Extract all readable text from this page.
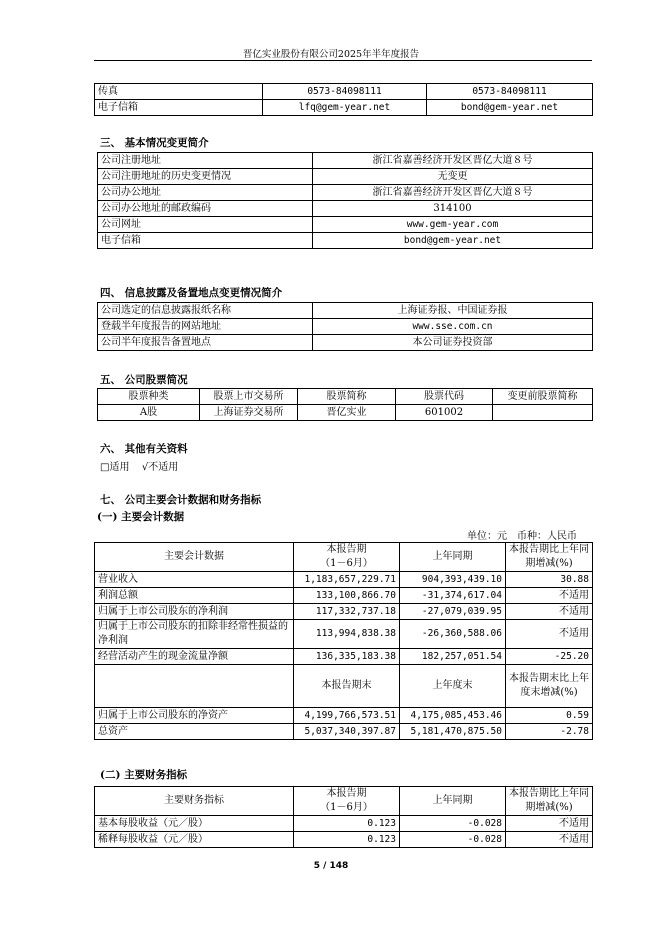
晋亿实业股份有限公司2025年半年度报告
传真	0573-84098111	0573-84098111
电子信箱	lfq@gem-year.net	bond@gem-year.net
三、 基本情况变更简介
公司注册地址	浙江省嘉善经济开发区晋亿大道８号
公司注册地址的历史变更情况	无变更
公司办公地址	浙江省嘉善经济开发区晋亿大道８号
公司办公地址的邮政编码	314100
公司网址	www.gem-year.com
电子信箱	bond@gem-year.net
四、 信息披露及备置地点变更情况简介
公司选定的信息披露报纸名称	上海证券报、中国证券报
登载半年度报告的网站地址	www.sse.com.cn
公司半年度报告备置地点	本公司证券投资部
五、 公司股票简况
股票种类	股票上市交易所	股票简称	股票代码	变更前股票简称
A股	上海证券交易所	晋亿实业	601002	
六、 其他有关资料
□适用 √不适用
七、 公司主要会计数据和财务指标
(一) 主要会计数据
单位：元　币种：人民币
主要会计数据	本报告期
（1－6月）	上年同期	本报告期比上年同期增减(%)
营业收入	1,183,657,229.71	904,393,439.10	30.88
利润总额	133,100,866.70	-31,374,617.04	不适用
归属于上市公司股东的净利润	117,332,737.18	-27,079,039.95	不适用
归属于上市公司股东的扣除非经常性损益的净利润	113,994,838.38	-26,360,588.06	不适用
经营活动产生的现金流量净额	136,335,183.38	182,257,051.54	-25.20
	本报告期末	上年度末	本报告期末比上年度末增减(%)
归属于上市公司股东的净资产	4,199,766,573.51	4,175,085,453.46	0.59
总资产	5,037,340,397.87	5,181,470,875.50	-2.78
(二) 主要财务指标
主要财务指标	本报告期
（1－6月）	上年同期	本报告期比上年同期增减(%)
基本每股收益（元／股）	0.123	-0.028	不适用
稀释每股收益（元／股）	0.123	-0.028	不适用
5 / 148
